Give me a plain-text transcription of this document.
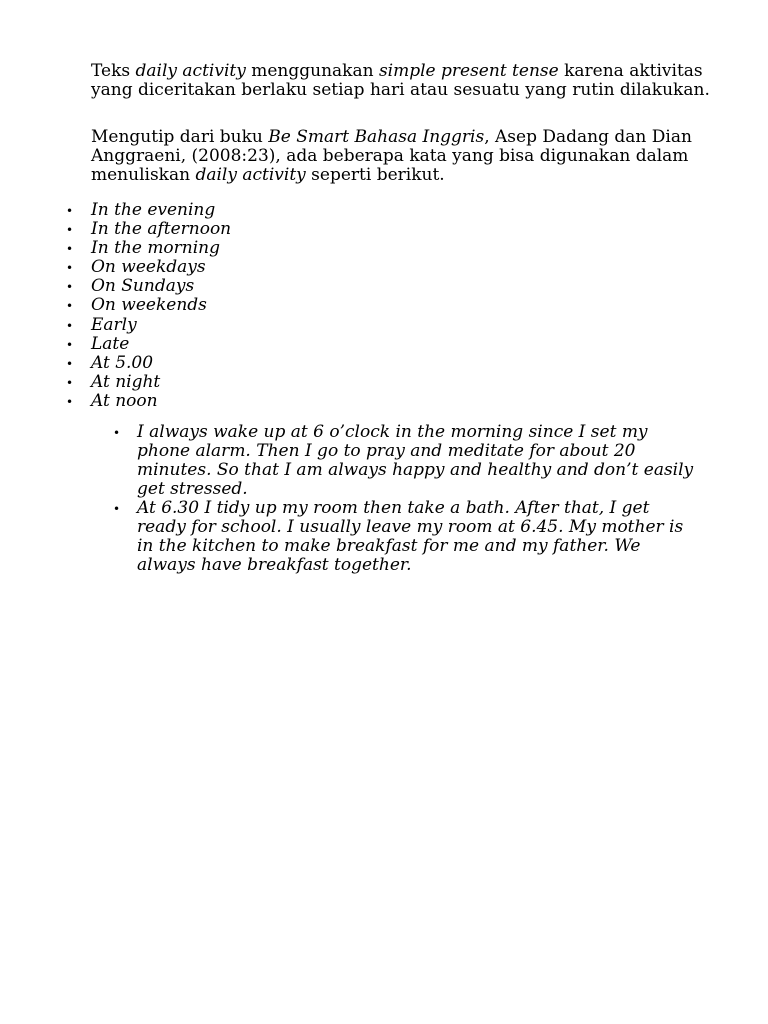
Teks daily activity menggunakan simple present tense karena aktivitas yang diceritakan berlaku setiap hari atau sesuatu yang rutin dilakukan.

Mengutip dari buku Be Smart Bahasa Inggris, Asep Dadang dan Dian Anggraeni, (2008:23), ada beberapa kata yang bisa digunakan dalam menuliskan daily activity seperti berikut.

• In the evening
• In the afternoon
• In the morning
• On weekdays
• On Sundays
• On weekends
• Early
• Late
• At 5.00
• At night
• At noon
• I always wake up at 6 o’clock in the morning since I set my phone alarm. Then I go to pray and meditate for about 20 minutes. So that I am always happy and healthy and don’t easily get stressed.
• At 6.30 I tidy up my room then take a bath. After that, I get ready for school. I usually leave my room at 6.45. My mother is in the kitchen to make breakfast for me and my father. We always have breakfast together.
